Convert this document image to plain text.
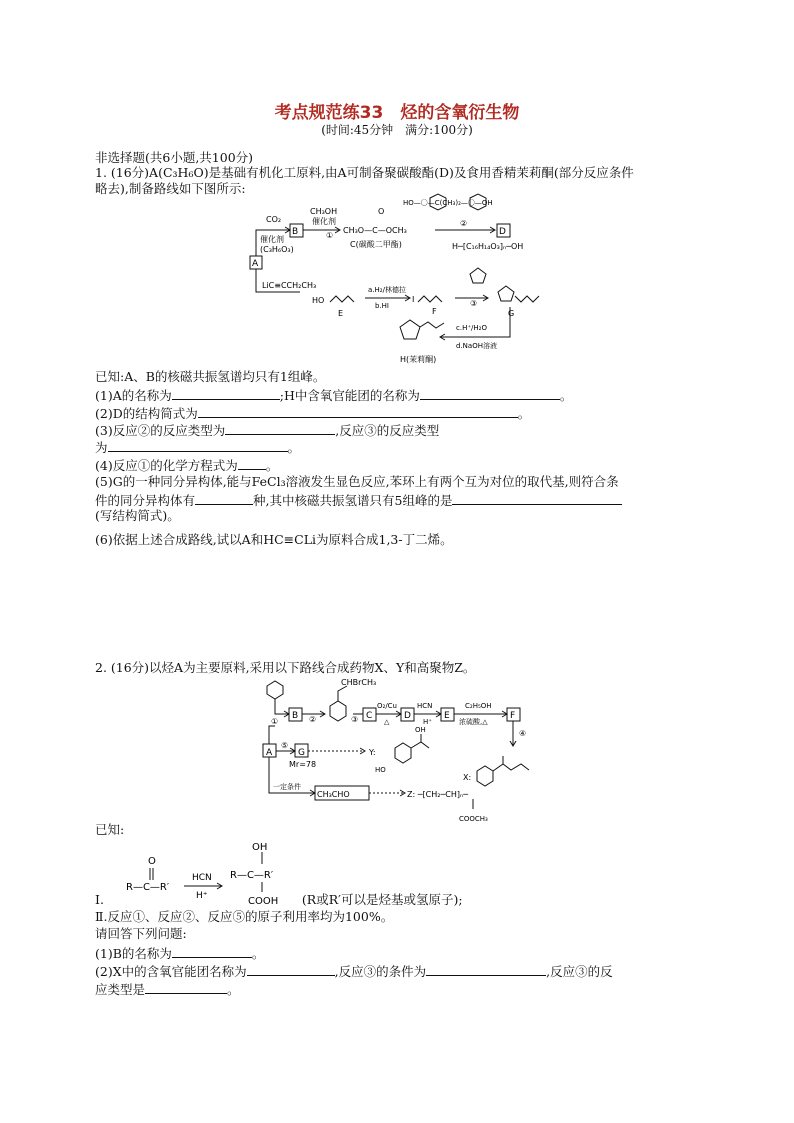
考点规范练33　烃的含氧衍生物
(时间:45分钟　满分:100分)
非选择题(共6小题,共100分)
1. (16分)A(C₃H₆O)是基础有机化工原料,由A可制备聚碳酸酯(D)及食用香精茉莉酮(部分反应条件
略去),制备路线如下图所示:
A
B	D
CO₂
催化剂
(C₃H₆O₃)
CH₃OH
催化剂
①
O
CH₃O—C—OCH₃
C(碳酸二甲酯)
HO—〇—C(CH₃)₂—〇—OH
②
H─[C₁₆H₁₄O₃]ₙ─OH
LiC≡CCH₂CH₃
HO
E
a.H₂/林德拉
b.HI
I
F
③
G
c.H⁺/H₂O
d.NaOH溶液
H(茉莉酮)
已知:A、B的核磁共振氢谱均只有1组峰。
(1)A的名称为	;H中含氧官能团的名称为	。
(2)D的结构简式为	。
(3)反应②的反应类型为	,反应③的反应类型
为	。
(4)反应①的化学方程式为 。
(5)G的一种同分异构体,能与FeCl₃溶液发生显色反应,苯环上有两个互为对位的取代基,则符合条
件的同分异构体有	种,其中核磁共振氢谱只有5组峰的是
(写结构简式)。
(6)依据上述合成路线,试以A和HC≡CLi为原料合成1,3-丁二烯。
2. (16分)以烃A为主要原料,采用以下路线合成药物X、Y和高聚物Z。
B	C	D	E	F
A	G
①	②	③
④
⑤
CHBrCH₃
O₂/Cu
△
HCN
H⁺
C₂H₅OH
浓硫酸,△
Mr=78
Y:
OH
HO
X:
一定条件
CH₃CHO	Z: ─[CH₂─CH]ₙ─
COOCH₃
已知:
O
R—C—R′
HCN
H⁺
OH
R—C—R′
COOH
Ⅰ.	(R或R′可以是烃基或氢原子);
Ⅱ.反应①、反应②、反应⑤的原子利用率均为100%。
请回答下列问题:
(1)B的名称为	。
(2)X中的含氧官能团名称为	,反应③的条件为	,反应③的反
应类型是	。
